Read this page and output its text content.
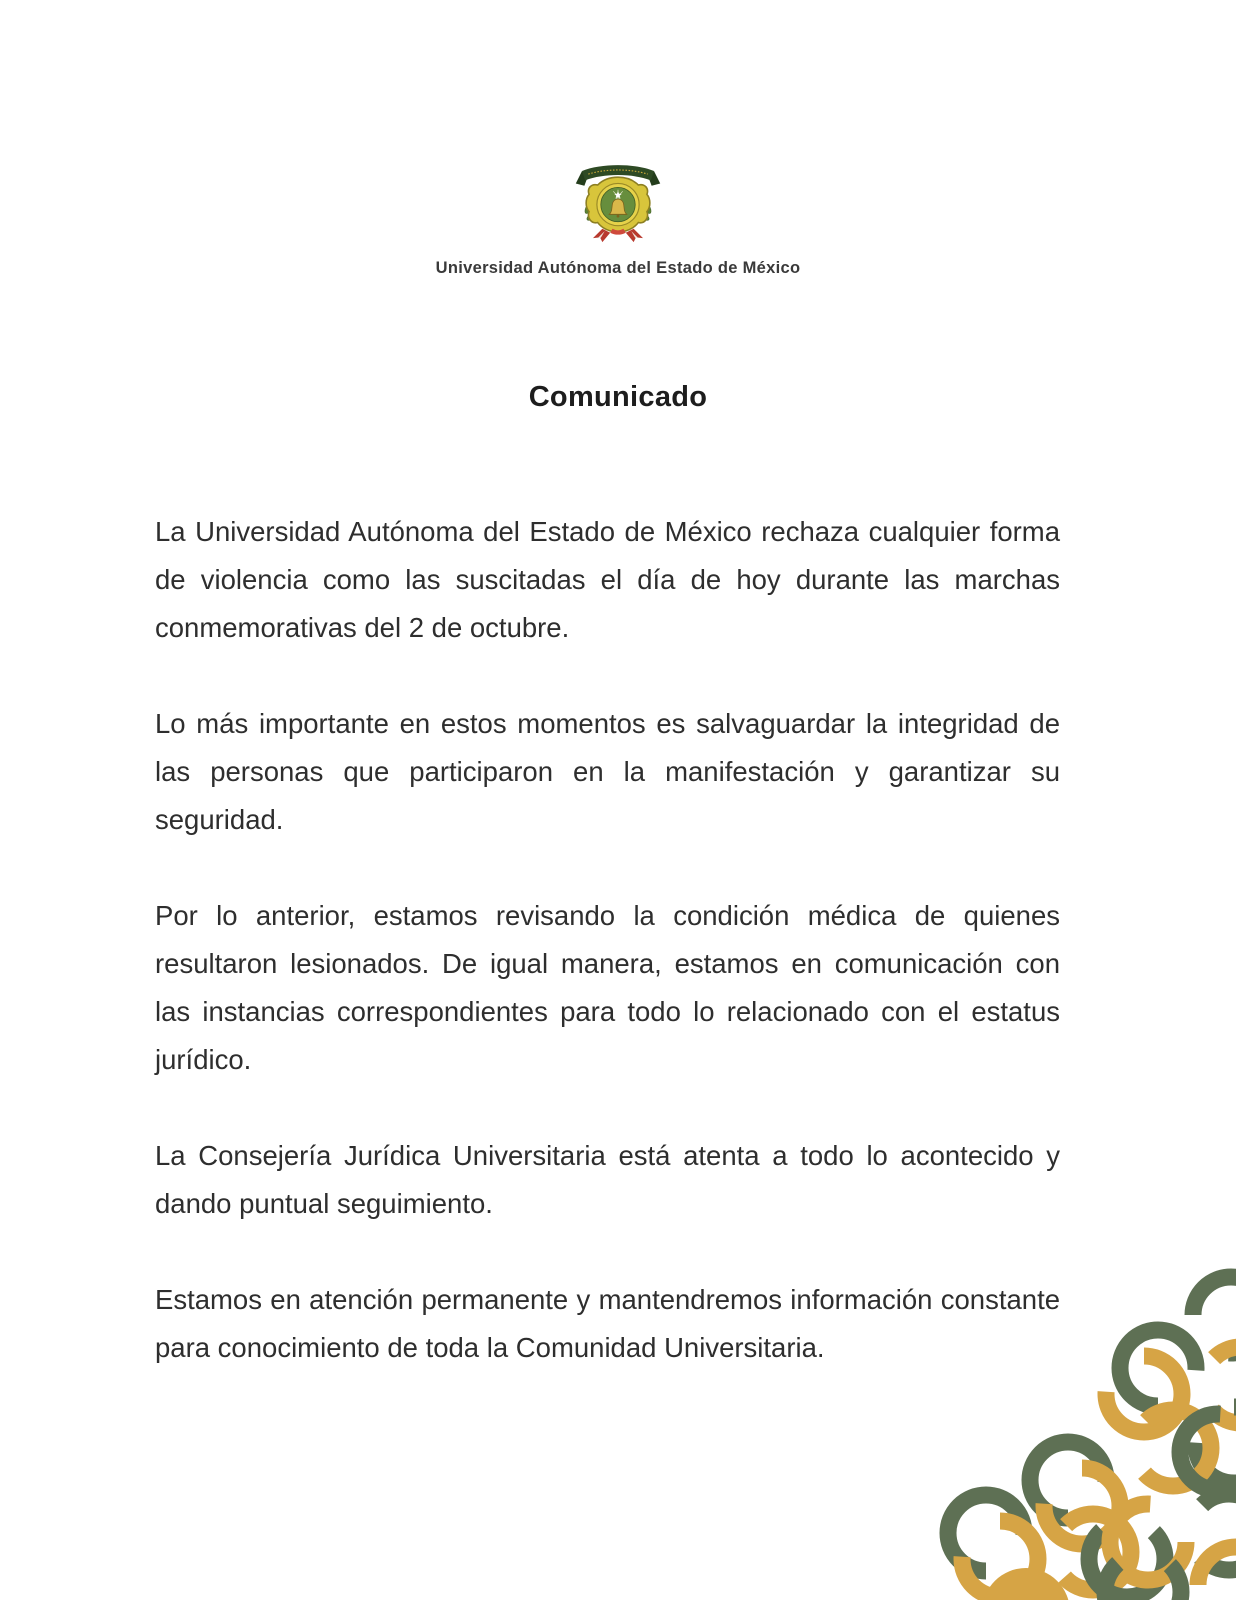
Universidad Autónoma del Estado de México
Comunicado

La Universidad Autónoma del Estado de México rechaza cualquier forma de violencia como las suscitadas el día de hoy durante las marchas conmemorativas del 2 de octubre.

Lo más importante en estos momentos es salvaguardar la integridad de las personas que participaron en la manifestación y garantizar su seguridad.

Por lo anterior, estamos revisando la condición médica de quienes resultaron lesionados. De igual manera, estamos en comunicación con las instancias correspondientes para todo lo relacionado con el estatus jurídico.

La Consejería Jurídica Universitaria está atenta a todo lo acontecido y dando puntual seguimiento.

Estamos en atención permanente y mantendremos información constante para conocimiento de toda la Comunidad Universitaria.
